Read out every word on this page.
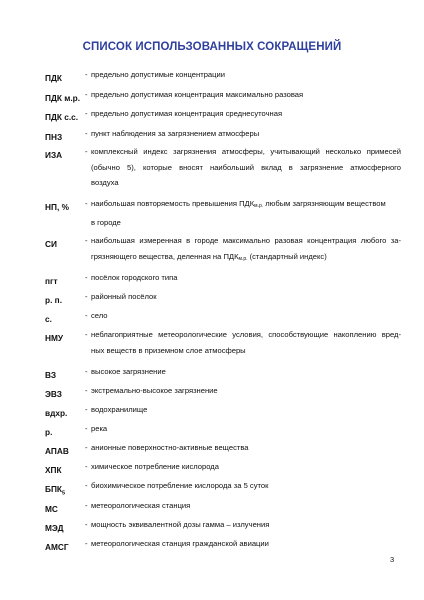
СПИСОК ИСПОЛЬЗОВАННЫХ СОКРАЩЕНИЙ
ПДК	- предельно допустимые концентрации
ПДК м.р. - предельно допустимая концентрация максимально разовая
ПДК с.с. - предельно допустимая концентрация среднесуточная
ПНЗ	- пункт наблюдения за загрязнением атмосферы
ИЗА	- комплексный индекс загрязнения атмосферы, учитывающий несколько примесей
(обычно 5), которые вносят наибольший вклад в загрязнение атмосферного
воздуха
НП, % - наибольшая повторяемость превышения $ПДК_{м.р.}$ любым загрязняющим веществом
в городе
СИ	- наибольшая измеренная в городе максимально разовая концентрация любого за-
грязняющего вещества, деленная на $ПДК_{м.р.}$ (стандартный индекс)
пгт	- посёлок городского типа
р. п.	- районный посёлок
с.	- село
НМУ	- неблагоприятные метеорологические условия, способствующие накоплению вред-
ных веществ в приземном слое атмосферы
ВЗ	- высокое загрязнение
ЭВЗ	- экстремально-высокое загрязнение
вдхр. - водохранилище
р.	- река
АПАВ - анионные поверхностно-активные вещества
ХПК	- химическое потребление кислорода
$БПК_5$
- биохимическое потребление кислорода за 5 суток
МС	- метеорологическая станция
МЭД	- мощность эквивалентной дозы гамма – излучения
АМСГ - метеорологическая станция гражданской авиации
3
